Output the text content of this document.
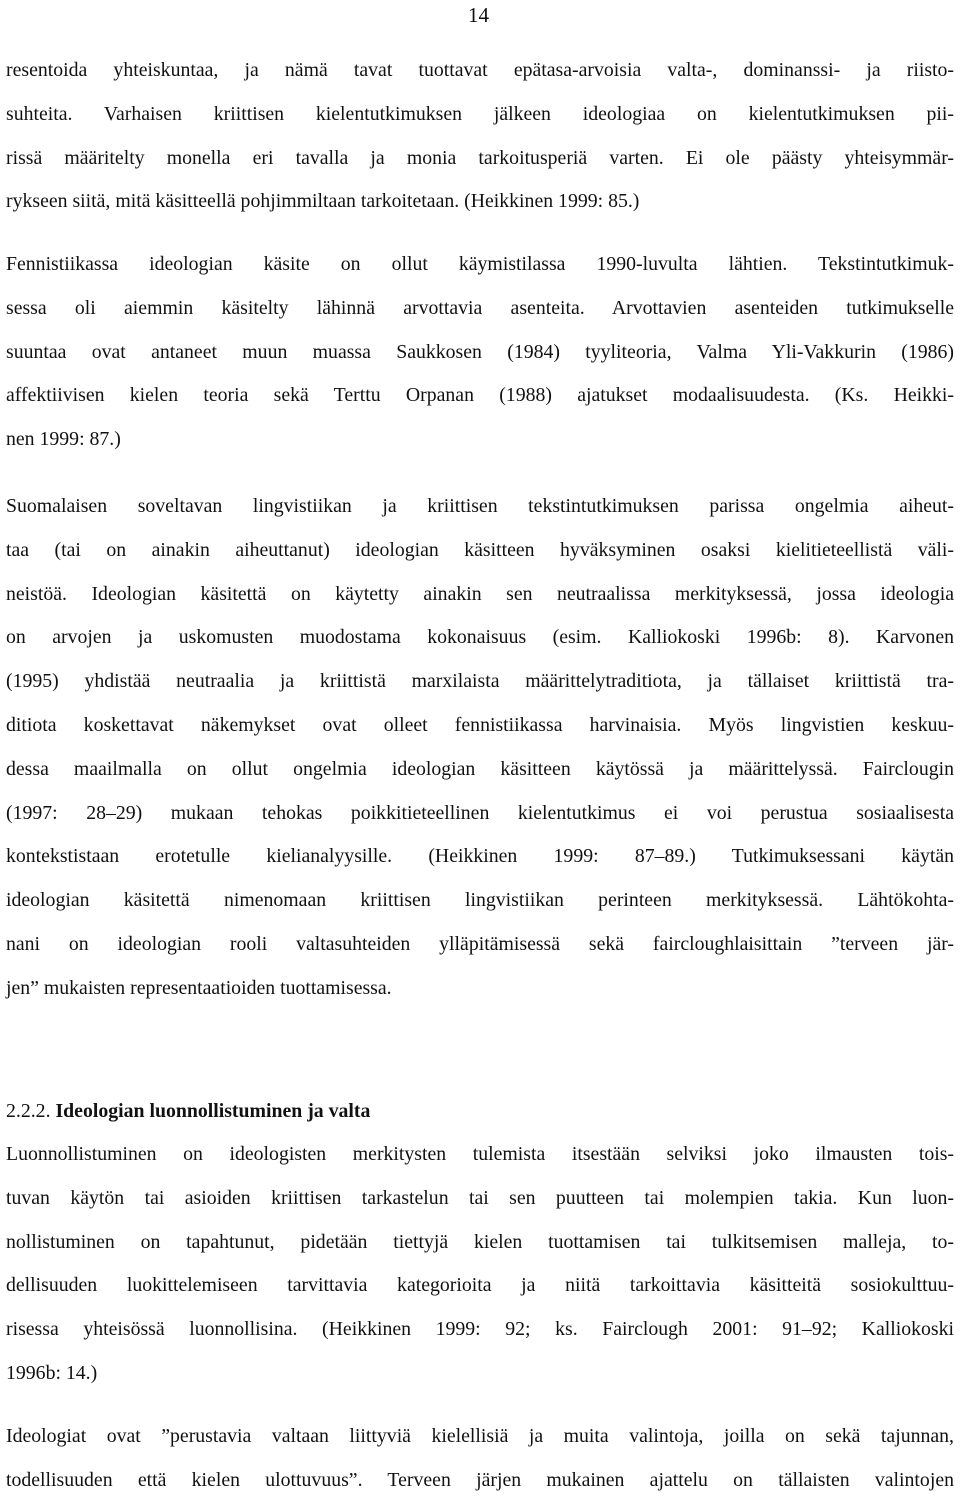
14
resentoida yhteiskuntaa, ja nämä tavat tuottavat epätasa-arvoisia valta-, dominanssi- ja riisto-
suhteita. Varhaisen kriittisen kielentutkimuksen jälkeen ideologiaa on kielentutkimuksen pii-
rissä määritelty monella eri tavalla ja monia tarkoitusperiä varten. Ei ole päästy yhteisymmär-
rykseen siitä, mitä käsitteellä pohjimmiltaan tarkoitetaan. (Heikkinen 1999: 85.)
Fennistiikassa ideologian käsite on ollut käymistilassa 1990-luvulta lähtien. Tekstintutkimuk-
sessa oli aiemmin käsitelty lähinnä arvottavia asenteita. Arvottavien asenteiden tutkimukselle
suuntaa ovat antaneet muun muassa Saukkosen (1984) tyyliteoria, Valma Yli-Vakkurin (1986)
affektiivisen kielen teoria sekä Terttu Orpanan (1988) ajatukset modaalisuudesta. (Ks. Heikki-
nen 1999: 87.)
Suomalaisen soveltavan lingvistiikan ja kriittisen tekstintutkimuksen parissa ongelmia aiheut-
taa (tai on ainakin aiheuttanut) ideologian käsitteen hyväksyminen osaksi kielitieteellistä väli-
neistöä. Ideologian käsitettä on käytetty ainakin sen neutraalissa merkityksessä, jossa ideologia
on arvojen ja uskomusten muodostama kokonaisuus (esim. Kalliokoski 1996b: 8). Karvonen
(1995) yhdistää neutraalia ja kriittistä marxilaista määrittelytraditiota, ja tällaiset kriittistä tra-
ditiota koskettavat näkemykset ovat olleet fennistiikassa harvinaisia. Myös lingvistien keskuu-
dessa maailmalla on ollut ongelmia ideologian käsitteen käytössä ja määrittelyssä. Fairclougin
(1997: 28–29) mukaan tehokas poikkitieteellinen kielentutkimus ei voi perustua sosiaalisesta
kontekstistaan erotetulle kielianalyysille. (Heikkinen 1999: 87–89.) Tutkimuksessani käytän
ideologian käsitettä nimenomaan kriittisen lingvistiikan perinteen merkityksessä. Lähtökohta-
nani on ideologian rooli valtasuhteiden ylläpitämisessä sekä faircloughlaisittain ”terveen jär-
jen” mukaisten representaatioiden tuottamisessa.
2.2.2. Ideologian luonnollistuminen ja valta
Luonnollistuminen on ideologisten merkitysten tulemista itsestään selviksi joko ilmausten tois-
tuvan käytön tai asioiden kriittisen tarkastelun tai sen puutteen tai molempien takia. Kun luon-
nollistuminen on tapahtunut, pidetään tiettyjä kielen tuottamisen tai tulkitsemisen malleja, to-
dellisuuden luokittelemiseen tarvittavia kategorioita ja niitä tarkoittavia käsitteitä sosiokulttuu-
risessa yhteisössä luonnollisina. (Heikkinen 1999: 92; ks. Fairclough 2001: 91–92; Kalliokoski
1996b: 14.)
Ideologiat ovat ”perustavia valtaan liittyviä kielellisiä ja muita valintoja, joilla on sekä tajunnan,
todellisuuden että kielen ulottuvuus”. Terveen järjen mukainen ajattelu on tällaisten valintojen
